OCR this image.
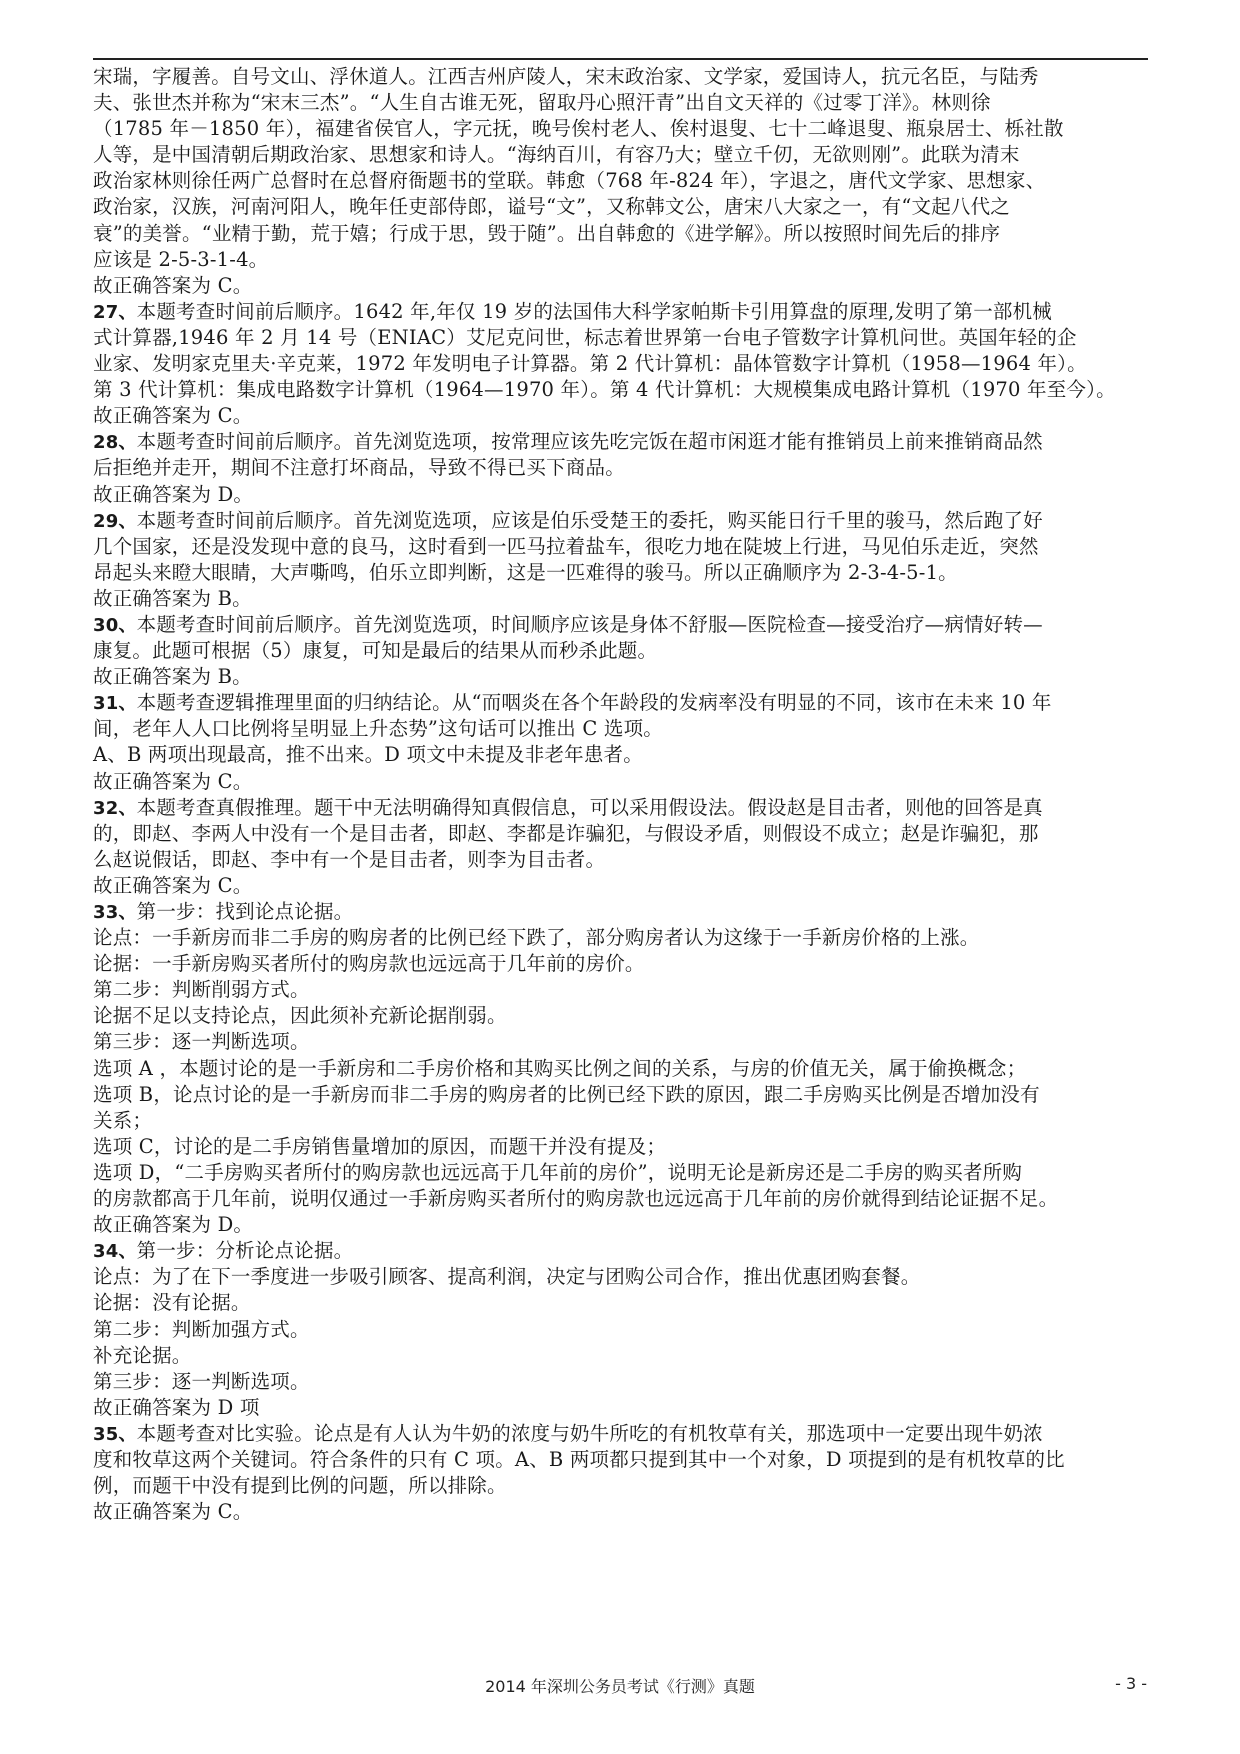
宋瑞，字履善。自号文山、浮休道人。江西吉州庐陵人，宋末政治家、文学家，爱国诗人，抗元名臣，与陆秀
夫、张世杰并称为“宋末三杰”。“人生自古谁无死，留取丹心照汗青”出自文天祥的《过零丁洋》。林则徐
（1785 年－1850 年），福建省侯官人，字元抚，晚号俟村老人、俟村退叟、七十二峰退叟、瓶泉居士、栎社散
人等，是中国清朝后期政治家、思想家和诗人。“海纳百川，有容乃大；壁立千仞，无欲则刚”。此联为清末
政治家林则徐任两广总督时在总督府衙题书的堂联。韩愈（768 年-824 年），字退之，唐代文学家、思想家、
政治家，汉族，河南河阳人，晚年任吏部侍郎，谥号“文”，又称韩文公，唐宋八大家之一，有“文起八代之
衰”的美誉。“业精于勤，荒于嬉；行成于思，毁于随”。出自韩愈的《进学解》。所以按照时间先后的排序
应该是 2-5-3-1-4。
故正确答案为 C。
27、本题考查时间前后顺序。1642 年,年仅 19 岁的法国伟大科学家帕斯卡引用算盘的原理,发明了第一部机械
式计算器,1946 年 2 月 14 号（ENIAC）艾尼克问世，标志着世界第一台电子管数字计算机问世。英国年轻的企
业家、发明家克里夫·辛克莱，1972 年发明电子计算器。第 2 代计算机：晶体管数字计算机（1958—1964 年）。
第 3 代计算机：集成电路数字计算机（1964—1970 年）。第 4 代计算机：大规模集成电路计算机（1970 年至今）。
故正确答案为 C。
28、本题考查时间前后顺序。首先浏览选项，按常理应该先吃完饭在超市闲逛才能有推销员上前来推销商品然
后拒绝并走开，期间不注意打坏商品，导致不得已买下商品。
故正确答案为 D。
29、本题考查时间前后顺序。首先浏览选项，应该是伯乐受楚王的委托，购买能日行千里的骏马，然后跑了好
几个国家，还是没发现中意的良马，这时看到一匹马拉着盐车，很吃力地在陡坡上行进，马见伯乐走近，突然
昂起头来瞪大眼睛，大声嘶鸣，伯乐立即判断，这是一匹难得的骏马。所以正确顺序为 2-3-4-5-1。
故正确答案为 B。
30、本题考查时间前后顺序。首先浏览选项，时间顺序应该是身体不舒服—医院检查—接受治疗—病情好转—
康复。此题可根据（5）康复，可知是最后的结果从而秒杀此题。
故正确答案为 B。
31、本题考查逻辑推理里面的归纳结论。从“而咽炎在各个年龄段的发病率没有明显的不同，该市在未来 10 年
间，老年人人口比例将呈明显上升态势”这句话可以推出 C 选项。
A、B 两项出现最高，推不出来。D 项文中未提及非老年患者。
故正确答案为 C。
32、本题考查真假推理。题干中无法明确得知真假信息，可以采用假设法。假设赵是目击者，则他的回答是真
的，即赵、李两人中没有一个是目击者，即赵、李都是诈骗犯，与假设矛盾，则假设不成立；赵是诈骗犯，那
么赵说假话，即赵、李中有一个是目击者，则李为目击者。
故正确答案为 C。
33、第一步：找到论点论据。
论点：一手新房而非二手房的购房者的比例已经下跌了，部分购房者认为这缘于一手新房价格的上涨。
论据：一手新房购买者所付的购房款也远远高于几年前的房价。
第二步：判断削弱方式。
论据不足以支持论点，因此须补充新论据削弱。
第三步：逐一判断选项。
选项 A ，本题讨论的是一手新房和二手房价格和其购买比例之间的关系，与房的价值无关，属于偷换概念；
选项 B，论点讨论的是一手新房而非二手房的购房者的比例已经下跌的原因，跟二手房购买比例是否增加没有
关系；
选项 C，讨论的是二手房销售量增加的原因，而题干并没有提及；
选项 D，“二手房购买者所付的购房款也远远高于几年前的房价”，说明无论是新房还是二手房的购买者所购
的房款都高于几年前，说明仅通过一手新房购买者所付的购房款也远远高于几年前的房价就得到结论证据不足。
故正确答案为 D。
34、第一步：分析论点论据。
论点：为了在下一季度进一步吸引顾客、提高利润，决定与团购公司合作，推出优惠团购套餐。
论据：没有论据。
第二步：判断加强方式。
补充论据。
第三步：逐一判断选项。
故正确答案为 D 项
35、本题考查对比实验。论点是有人认为牛奶的浓度与奶牛所吃的有机牧草有关，那选项中一定要出现牛奶浓
度和牧草这两个关键词。符合条件的只有 C 项。A、B 两项都只提到其中一个对象，D 项提到的是有机牧草的比
例，而题干中没有提到比例的问题，所以排除。
故正确答案为 C。
2014 年深圳公务员考试《行测》真题	- 3 -
